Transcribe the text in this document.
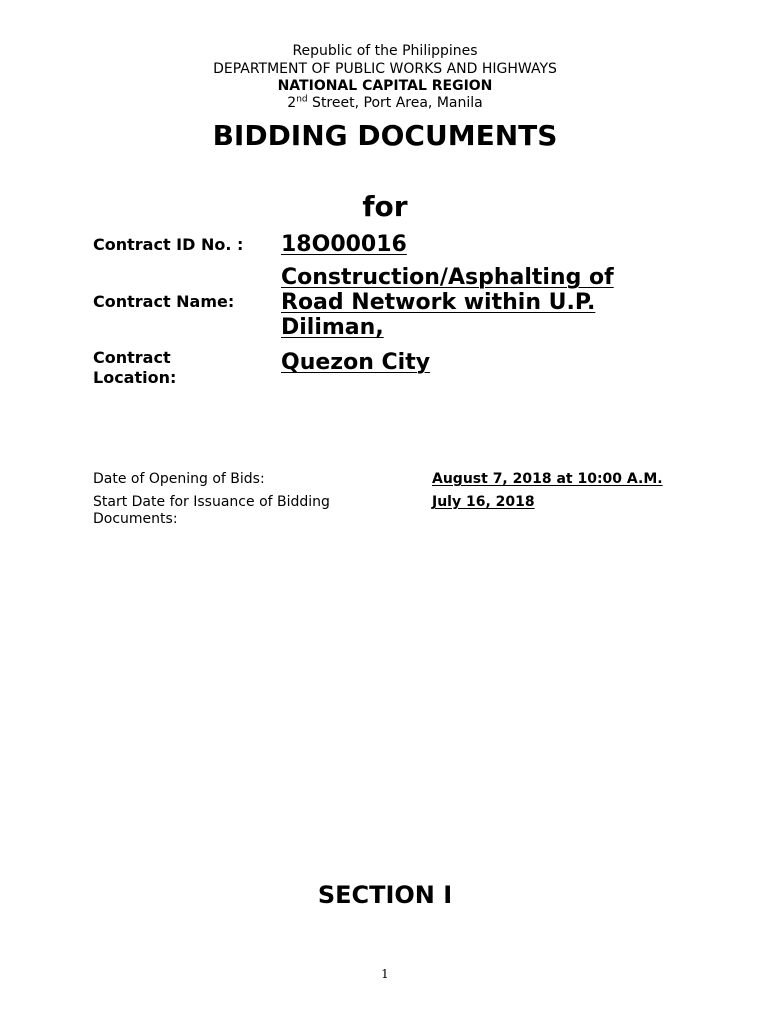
Republic of the Philippines
DEPARTMENT OF PUBLIC WORKS AND HIGHWAYS
NATIONAL CAPITAL REGION
2nd Street, Port Area, Manila
BIDDING DOCUMENTS
for
Contract ID No. : 18O00016
Contract Name:
Construction/Asphalting of
Road Network within U.P.
Diliman,
Contract
Location:
Quezon City
Date of Opening of Bids:	August 7, 2018 at 10:00 A.M.
Start Date for Issuance of Bidding
Documents:
July 16, 2018
SECTION I
1
